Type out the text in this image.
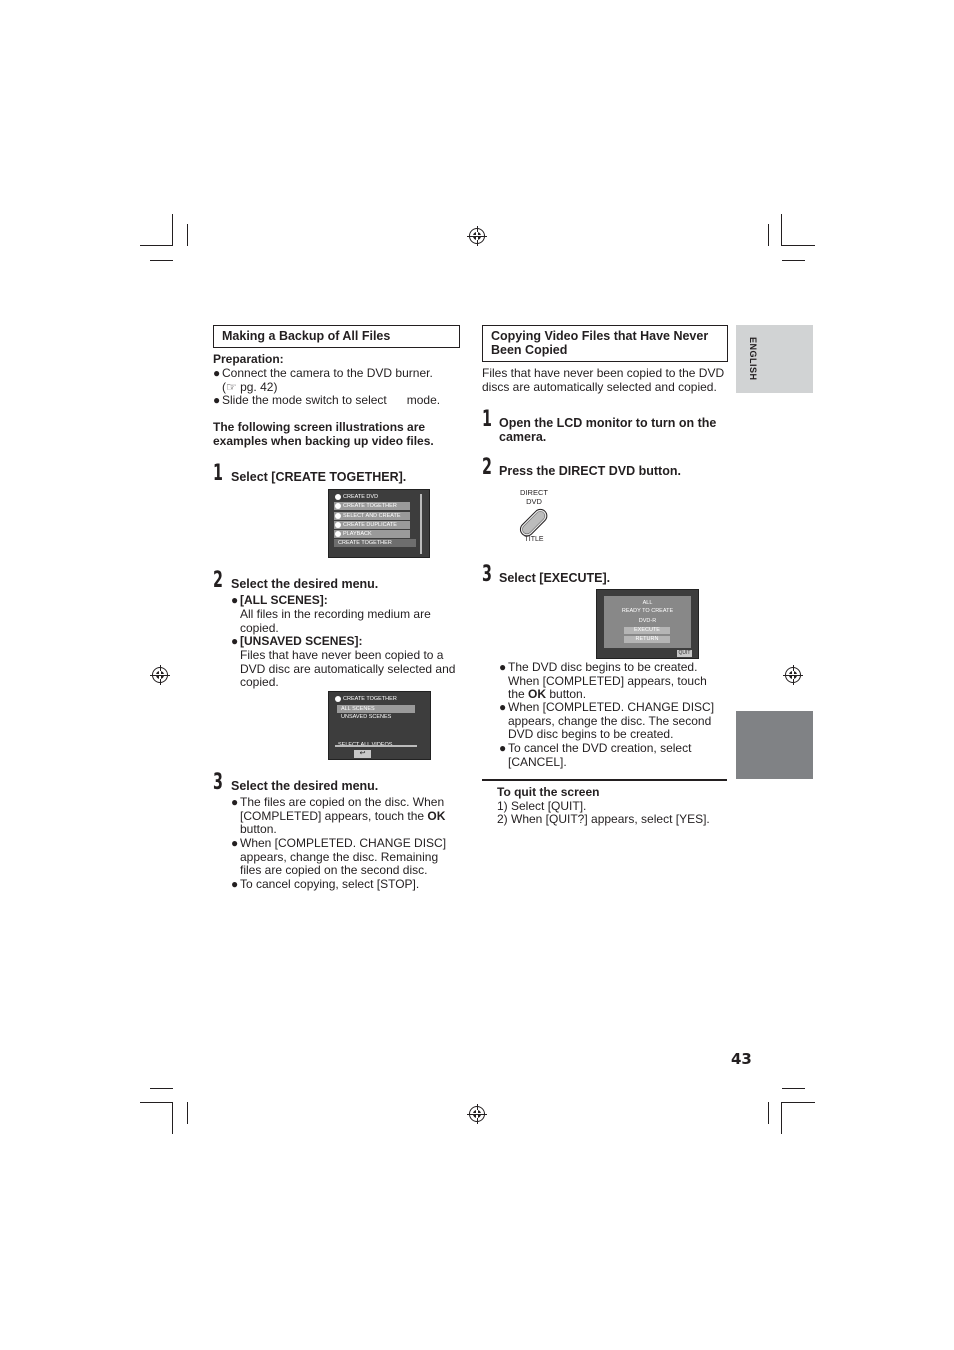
ENGLISH
Making a Backup of All Files
Preparation:
● Connect the camera to the DVD burner. (☞ pg. 42)
● Slide the mode switch to select      mode.
The following screen illustrations are examples when backing up video files.
1 Select [CREATE TOGETHER].
CREATE DVD
CREATE TOGETHER
SELECT AND CREATE
CREATE DUPLICATE
PLAYBACK
CREATE TOGETHER
2 Select the desired menu.
● [ALL SCENES]:
All files in the recording medium are copied.
● [UNSAVED SCENES]:
Files that have never been copied to a DVD disc are automatically selected and copied.
CREATE TOGETHER
ALL SCENES
UNSAVED SCENES
↩
3 Select the desired menu.
● The files are copied on the disc. When [COMPLETED] appears, touch the OK button.
● When [COMPLETED. CHANGE DISC] appears, change the disc. Remaining files are copied on the second disc.
● To cancel copying, select [STOP].
Copying Video Files that Have Never Been Copied
Files that have never been copied to the DVD discs are automatically selected and copied.
1 Open the LCD monitor to turn on the camera.
2 Press the DIRECT DVD button.
DIRECT
DVD
TITLE
3 Select [EXECUTE].
ALL
READY TO CREATE
DVD-R
EXECUTE
RETURN
QUIT
● The DVD disc begins to be created. When [COMPLETED] appears, touch the OK button.
● When [COMPLETED. CHANGE DISC] appears, change the disc. The second DVD disc begins to be created.
● To cancel the DVD creation, select [CANCEL].
To quit the screen
1) Select [QUIT].
2) When [QUIT?] appears, select [YES].
43
